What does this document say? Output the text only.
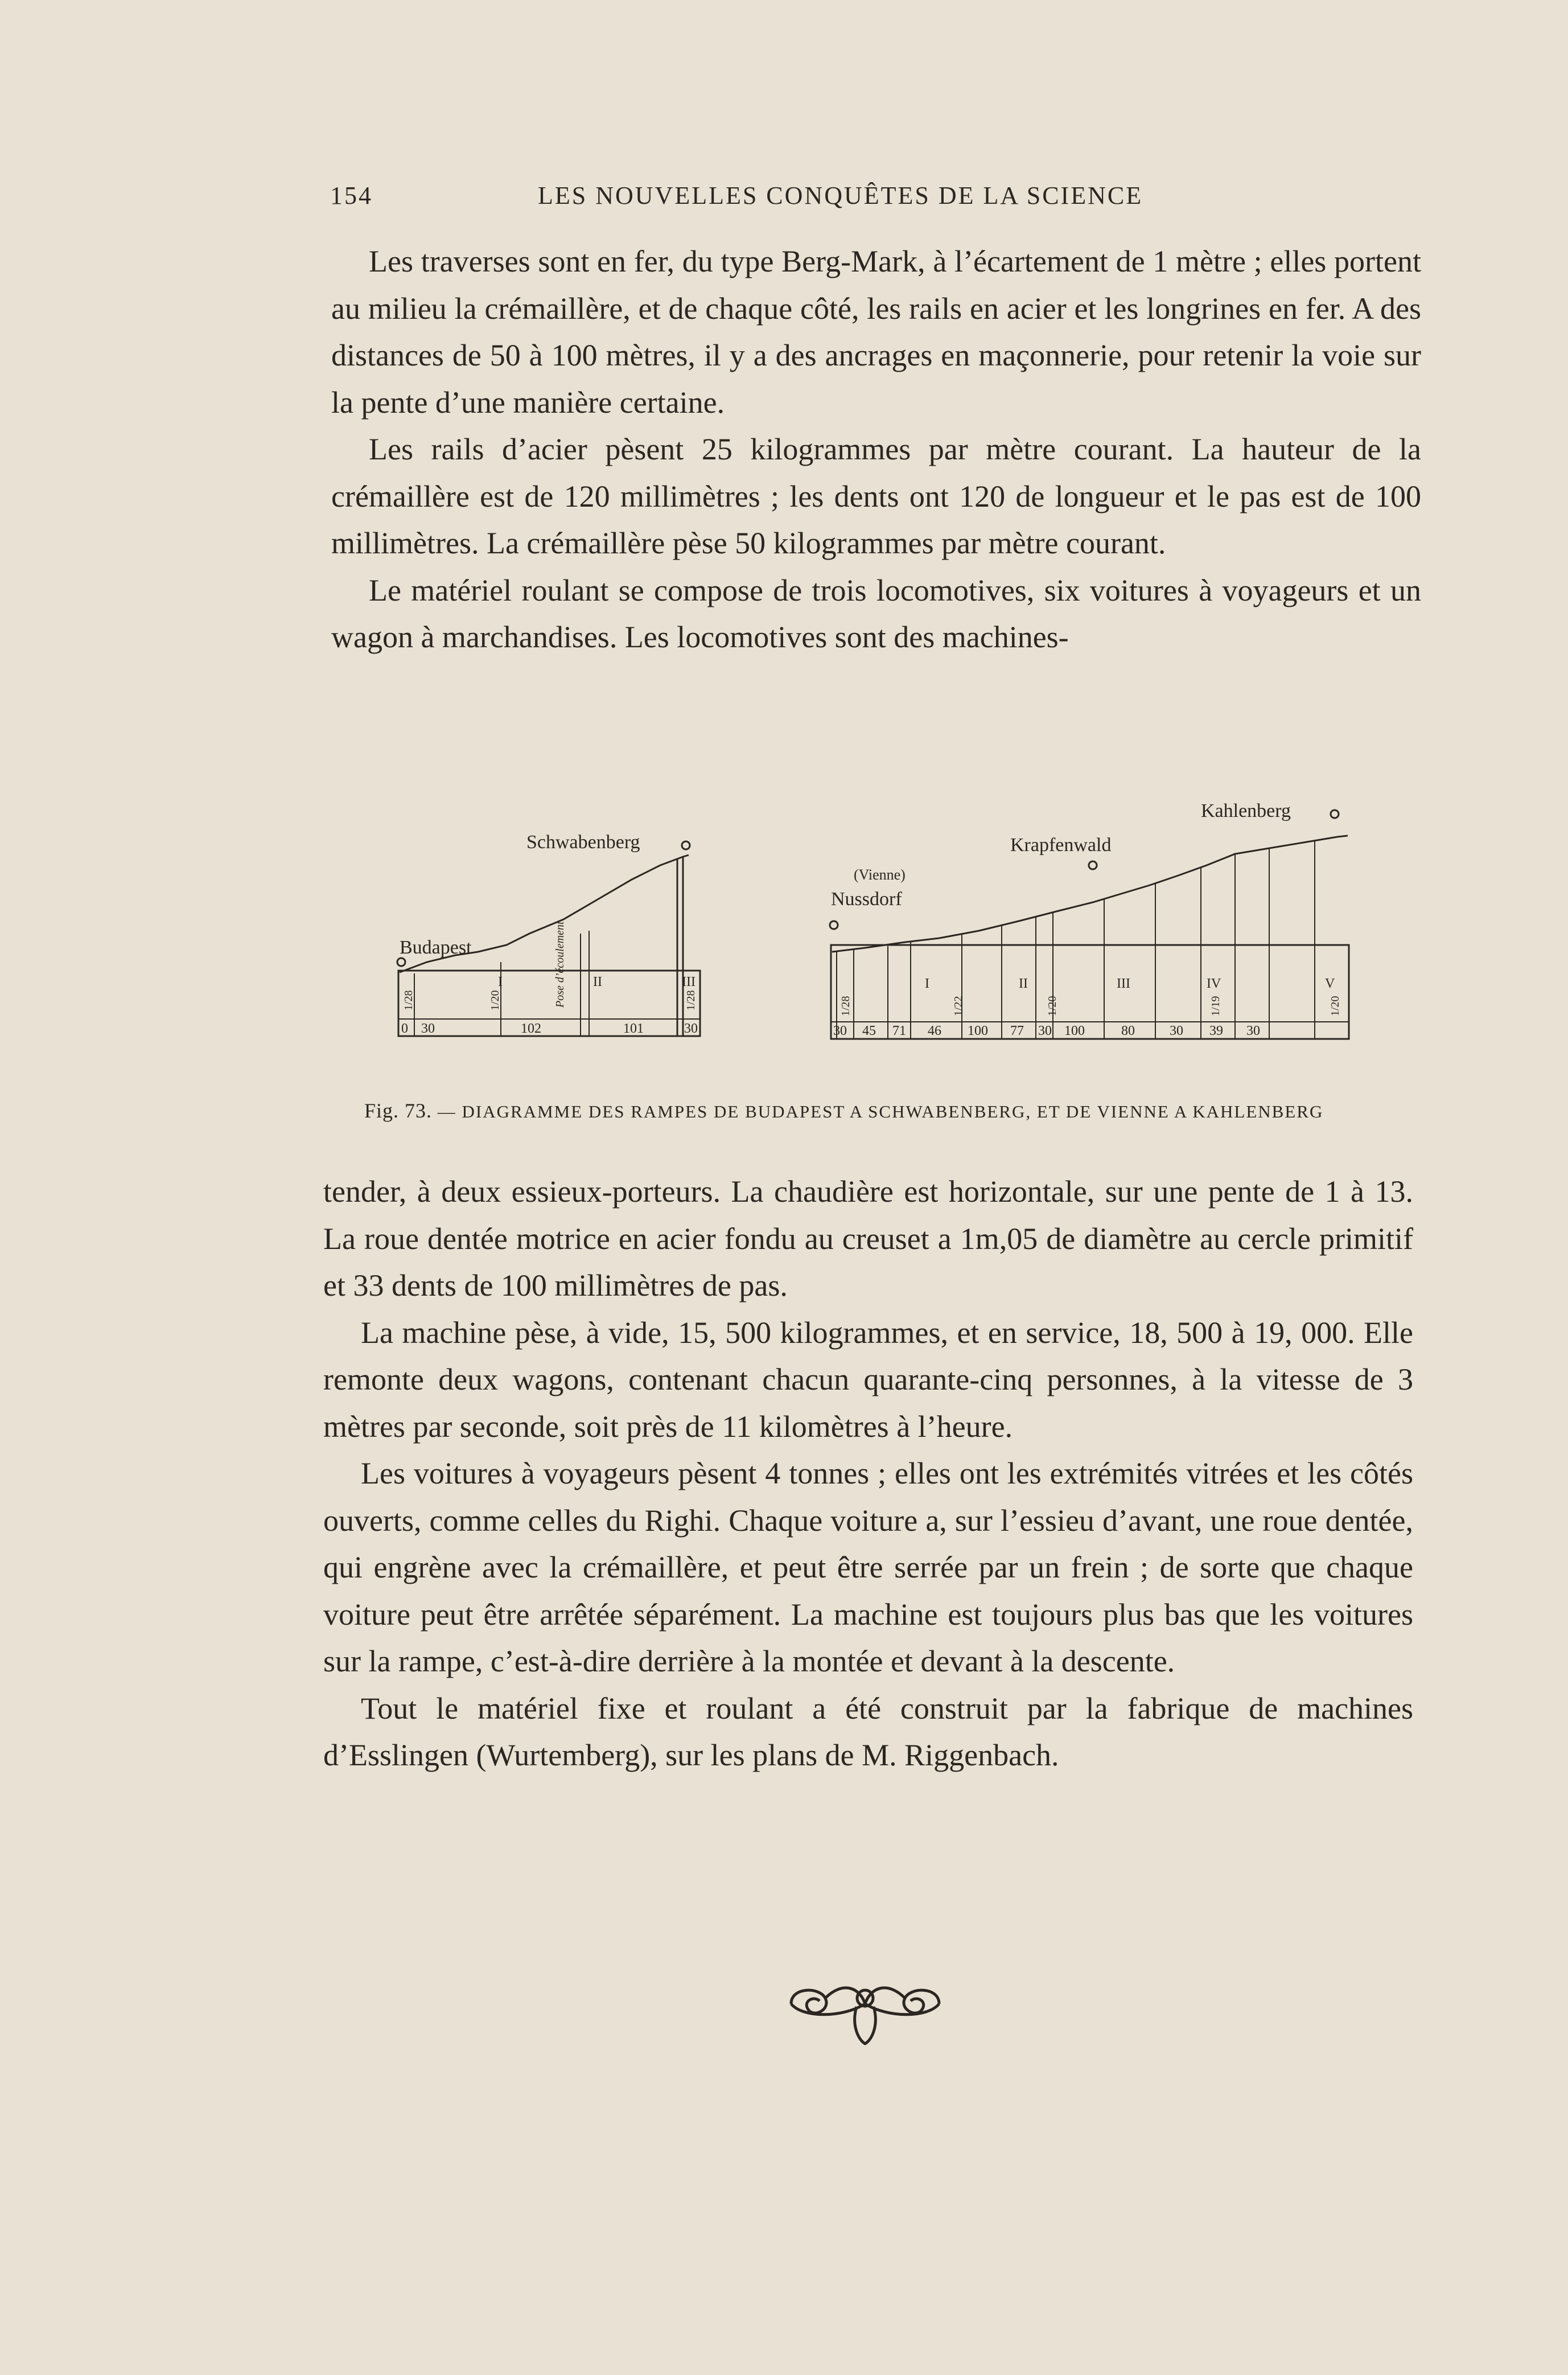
154	LES NOUVELLES CONQUÊTES DE LA SCIENCE

Les traverses sont en fer, du type Berg-Mark, à l’écartement de 1 mètre ; elles portent au milieu la crémaillère, et de chaque côté, les rails en acier et les longrines en fer. A des distances de 50 à 100 mètres, il y a des ancrages en maçonnerie, pour retenir la voie sur la pente d’une manière certaine.

Les rails d’acier pèsent 25 kilogrammes par mètre courant. La hauteur de la crémaillère est de 120 millimètres ; les dents ont 120 de longueur et le pas est de 100 millimètres. La crémaillère pèse 50 kilogrammes par mètre courant.

Le matériel roulant se compose de trois locomotives, six voitures à voyageurs et un wagon à marchandises. Les locomotives sont des machines-

Budapest
Schwabenberg
Pose d’écoulement
I	II	III
1/28	1/20	1/28
0 30	102	101	30
(Vienne)
Nussdorf
Krapfenwald
Kahlenberg
I	II	III	IV	V
1/28	1/22	1/20	1/19	1/20
30 45 71 46 100 77 30 100	80	30 39 30
Fig. 73. — DIAGRAMME DES RAMPES DE BUDAPEST A SCHWABENBERG, ET DE VIENNE A KAHLENBERG

tender, à deux essieux-porteurs. La chaudière est horizontale, sur une pente de 1 à 13. La roue dentée motrice en acier fondu au creuset a 1m,05 de diamètre au cercle primitif et 33 dents de 100 millimètres de pas.

La machine pèse, à vide, 15, 500 kilogrammes, et en service, 18, 500 à 19, 000. Elle remonte deux wagons, contenant chacun quarante-cinq personnes, à la vitesse de 3 mètres par seconde, soit près de 11 kilomètres à l’heure.

Les voitures à voyageurs pèsent 4 tonnes ; elles ont les extrémités vitrées et les côtés ouverts, comme celles du Righi. Chaque voiture a, sur l’essieu d’avant, une roue dentée, qui engrène avec la crémaillère, et peut être serrée par un frein ; de sorte que chaque voiture peut être arrêtée séparément. La machine est toujours plus bas que les voitures sur la rampe, c’est-à-dire derrière à la montée et devant à la descente.

Tout le matériel fixe et roulant a été construit par la fabrique de machines d’Esslingen (Wurtemberg), sur les plans de M. Riggenbach.
